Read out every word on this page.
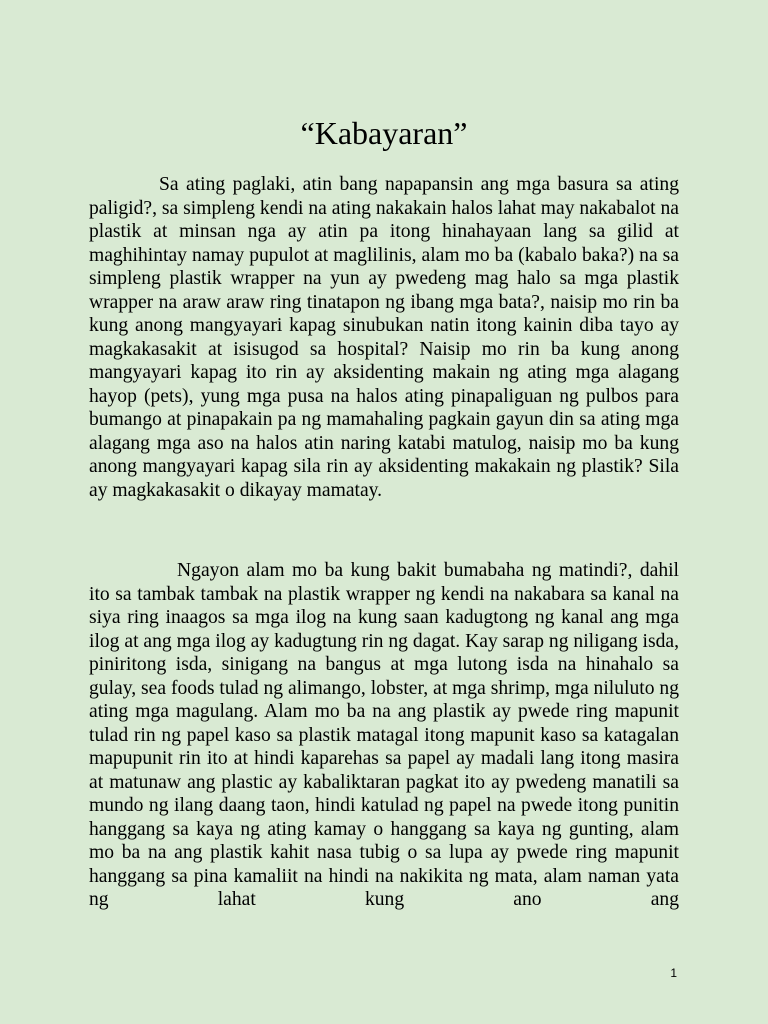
“Kabayaran”

Sa ating paglaki, atin bang napapansin ang mga basura sa ating paligid?, sa simpleng kendi na ating nakakain halos lahat may nakabalot na plastik at minsan nga ay atin pa itong hinahayaan lang sa gilid at maghihintay namay pupulot at maglilinis, alam mo ba (kabalo baka?) na sa simpleng plastik wrapper na yun ay pwedeng mag halo sa mga plastik wrapper na araw araw ring tinatapon ng ibang mga bata?, naisip mo rin ba kung anong mangyayari kapag sinubukan natin itong kainin diba tayo ay magkakasakit at isisugod sa hospital? Naisip mo rin ba kung anong mangyayari kapag ito rin ay aksidenting makain ng ating mga alagang hayop (pets), yung mga pusa na halos ating pinapaliguan ng pulbos para bumango at pinapakain pa ng mamahaling pagkain gayun din sa ating mga alagang mga aso na halos atin naring katabi matulog, naisip mo ba kung anong mangyayari kapag sila rin ay aksidenting makakain ng plastik? Sila ay magkakasakit o dikayay mamatay.

Ngayon alam mo ba kung bakit bumabaha ng matindi?, dahil ito sa tambak tambak na plastik wrapper ng kendi na nakabara sa kanal na siya ring inaagos sa mga ilog na kung saan kadugtong ng kanal ang mga ilog at ang mga ilog ay kadugtung rin ng dagat. Kay sarap ng niligang isda, piniritong isda, sinigang na bangus at mga lutong isda na hinahalo sa gulay, sea foods tulad ng alimango, lobster, at mga shrimp, mga niluluto ng ating mga magulang. Alam mo ba na ang plastik ay pwede ring mapunit tulad rin ng papel kaso sa plastik matagal itong mapunit kaso sa katagalan mapupunit rin ito at hindi kaparehas sa papel ay madali lang itong masira at matunaw ang plastic ay kabaliktaran pagkat ito ay pwedeng manatili sa mundo ng ilang daang taon, hindi katulad ng papel na pwede itong punitin hanggang sa kaya ng ating kamay o hanggang sa kaya ng gunting, alam mo ba na ang plastik kahit nasa tubig o sa lupa ay pwede ring mapunit hanggang sa pina kamaliit na hindi na nakikita ng mata, alam naman yata ng lahat kung ano ang

1
